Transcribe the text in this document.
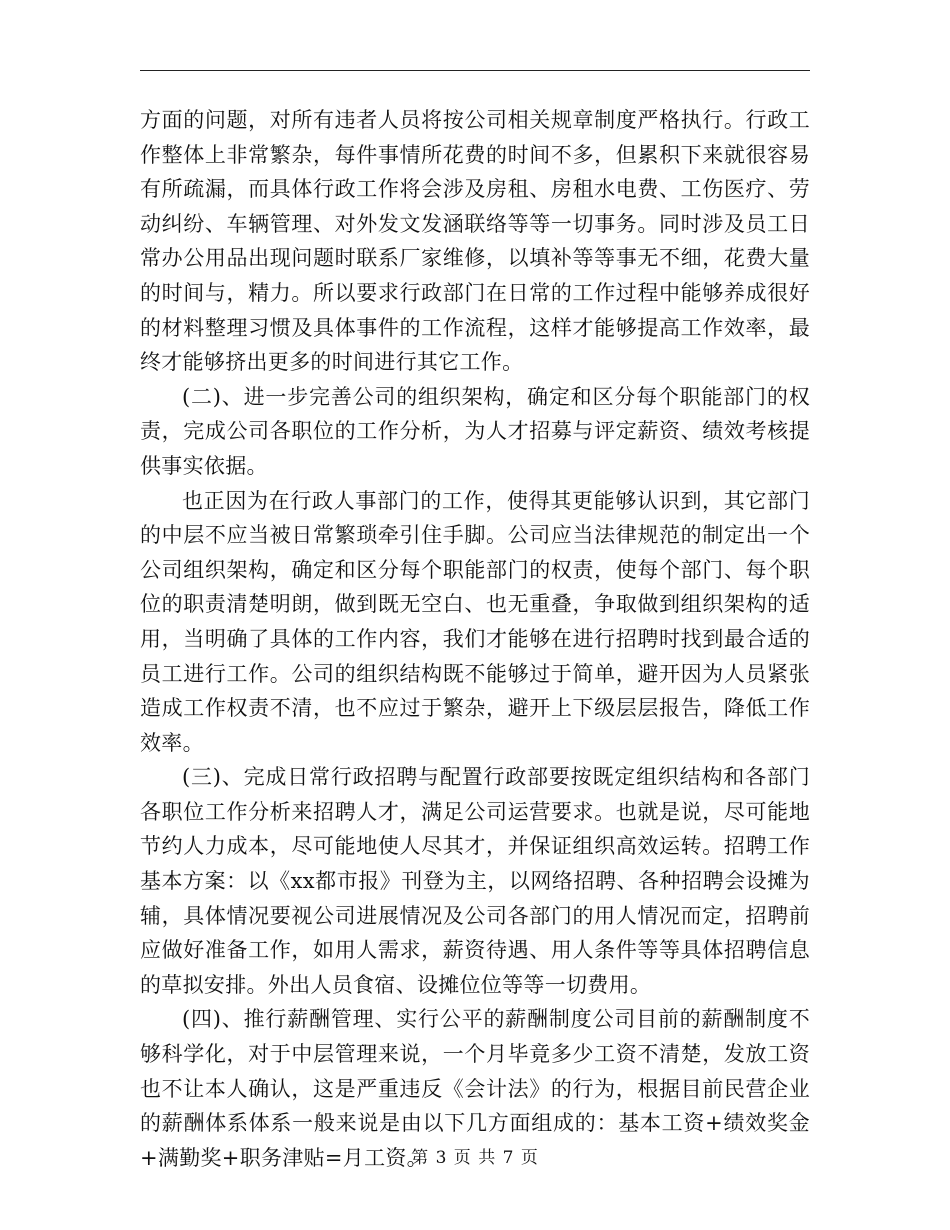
方面的问题，对所有违者人员将按公司相关规章制度严格执行。行政工作整体上非常繁杂，每件事情所花费的时间不多，但累积下来就很容易有所疏漏，而具体行政工作将会涉及房租、房租水电费、工伤医疗、劳动纠纷、车辆管理、对外发文发涵联络等等一切事务。同时涉及员工日常办公用品出现问题时联系厂家维修，以填补等等事无不细，花费大量的时间与，精力。所以要求行政部门在日常的工作过程中能够养成很好的材料整理习惯及具体事件的工作流程，这样才能够提高工作效率，最终才能够挤出更多的时间进行其它工作。

(二)、进一步完善公司的组织架构，确定和区分每个职能部门的权责，完成公司各职位的工作分析，为人才招募与评定薪资、绩效考核提供事实依据。

也正因为在行政人事部门的工作，使得其更能够认识到，其它部门的中层不应当被日常繁琐牵引住手脚。公司应当法律规范的制定出一个公司组织架构，确定和区分每个职能部门的权责，使每个部门、每个职位的职责清楚明朗，做到既无空白、也无重叠，争取做到组织架构的适用，当明确了具体的工作内容，我们才能够在进行招聘时找到最合适的员工进行工作。公司的组织结构既不能够过于简单，避开因为人员紧张造成工作权责不清，也不应过于繁杂，避开上下级层层报告，降低工作效率。

(三)、完成日常行政招聘与配置行政部要按既定组织结构和各部门各职位工作分析来招聘人才，满足公司运营要求。也就是说，尽可能地节约人力成本，尽可能地使人尽其才，并保证组织高效运转。招聘工作基本方案：以《xx都市报》刊登为主，以网络招聘、各种招聘会设摊为辅，具体情况要视公司进展情况及公司各部门的用人情况而定，招聘前应做好准备工作，如用人需求，薪资待遇、用人条件等等具体招聘信息的草拟安排。外出人员食宿、设摊位位等等一切费用。

(四)、推行薪酬管理、实行公平的薪酬制度公司目前的薪酬制度不够科学化，对于中层管理来说，一个月毕竟多少工资不清楚，发放工资也不让本人确认，这是严重违反《会计法》的行为，根据目前民营企业的薪酬体系体系一般来说是由以下几方面组成的：基本工资+绩效奖金+满勤奖+职务津贴=月工资。

第 3 页 共 7 页
